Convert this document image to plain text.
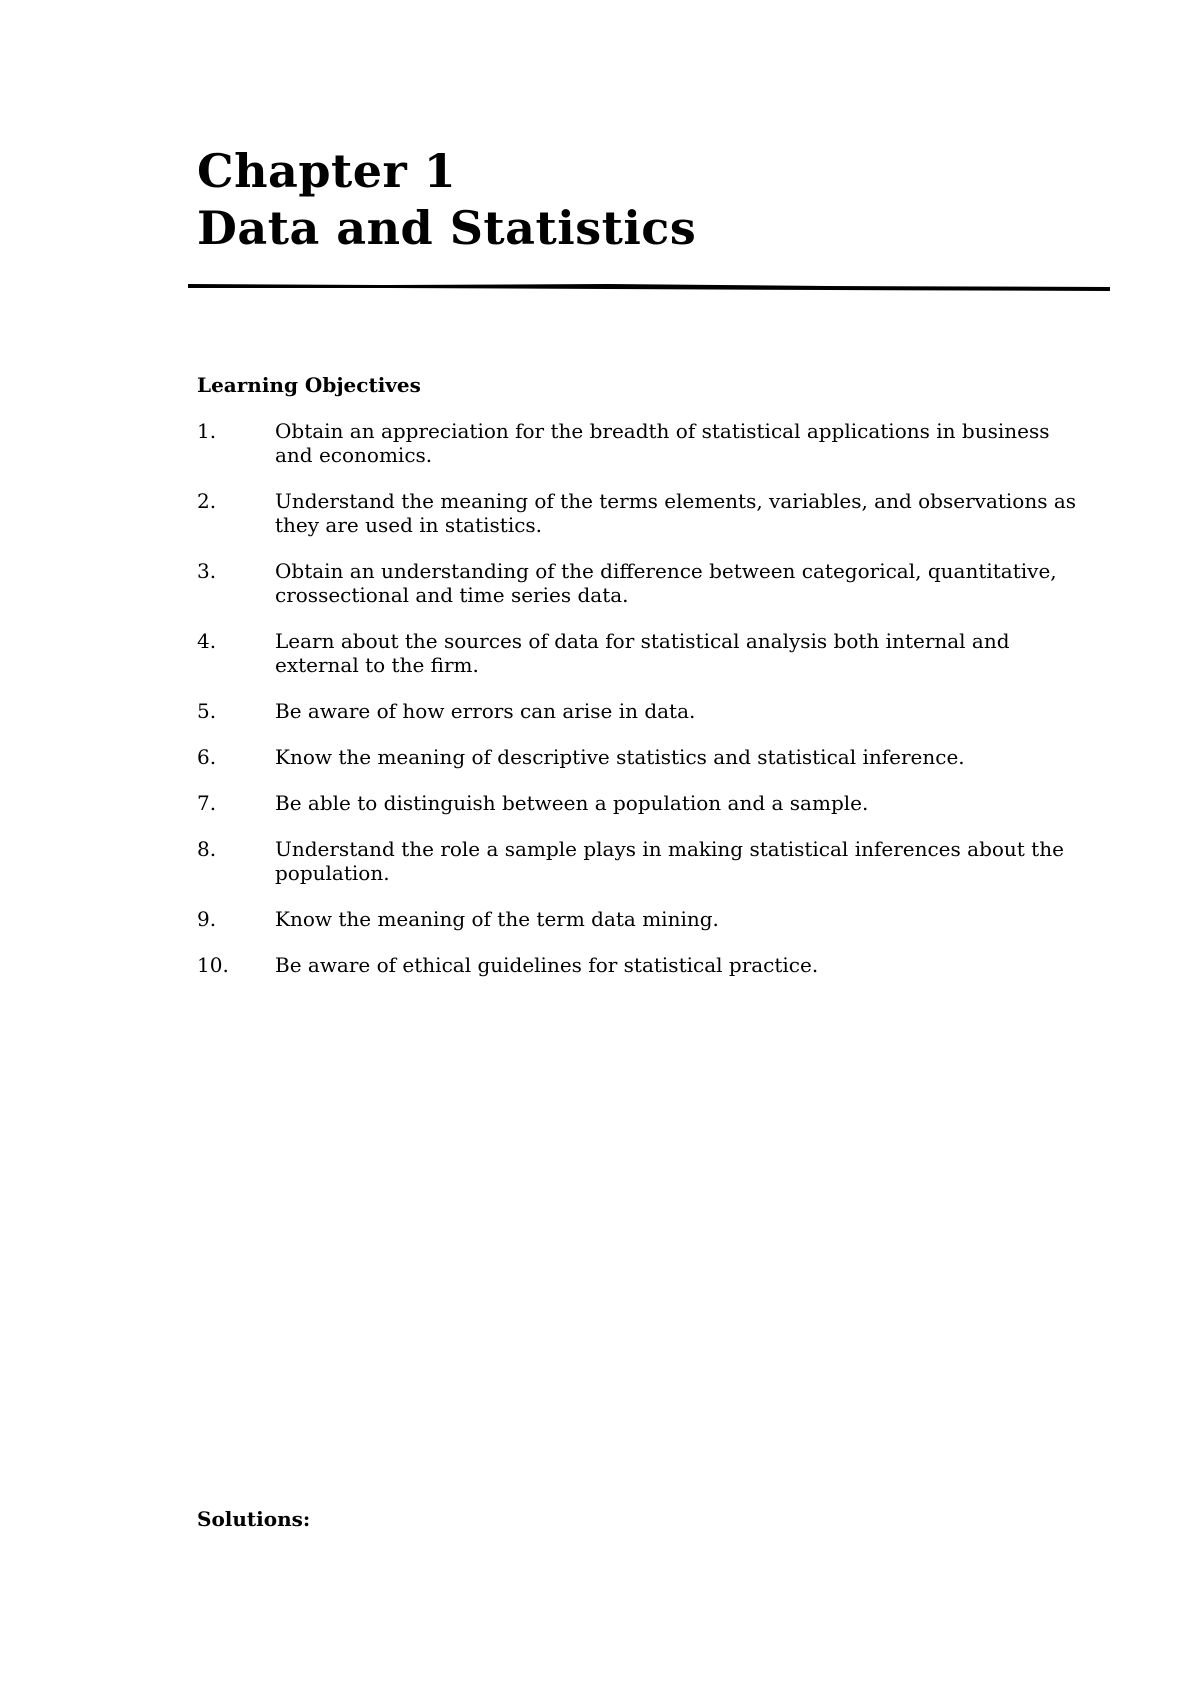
Chapter 1
Data and Statistics
Learning Objectives
1.	Obtain an appreciation for the breadth of statistical applications in business and economics.
2.	Understand the meaning of the terms elements, variables, and observations as they are used in statistics.
3.	Obtain an understanding of the difference between categorical, quantitative, crossectional and time series data.
4.	Learn about the sources of data for statistical analysis both internal and external to the firm.
5.	Be aware of how errors can arise in data.
6.	Know the meaning of descriptive statistics and statistical inference.
7.	Be able to distinguish between a population and a sample.
8.	Understand the role a sample plays in making statistical inferences about the population.
9.	Know the meaning of the term data mining.
10.	Be aware of ethical guidelines for statistical practice.
Solutions:
